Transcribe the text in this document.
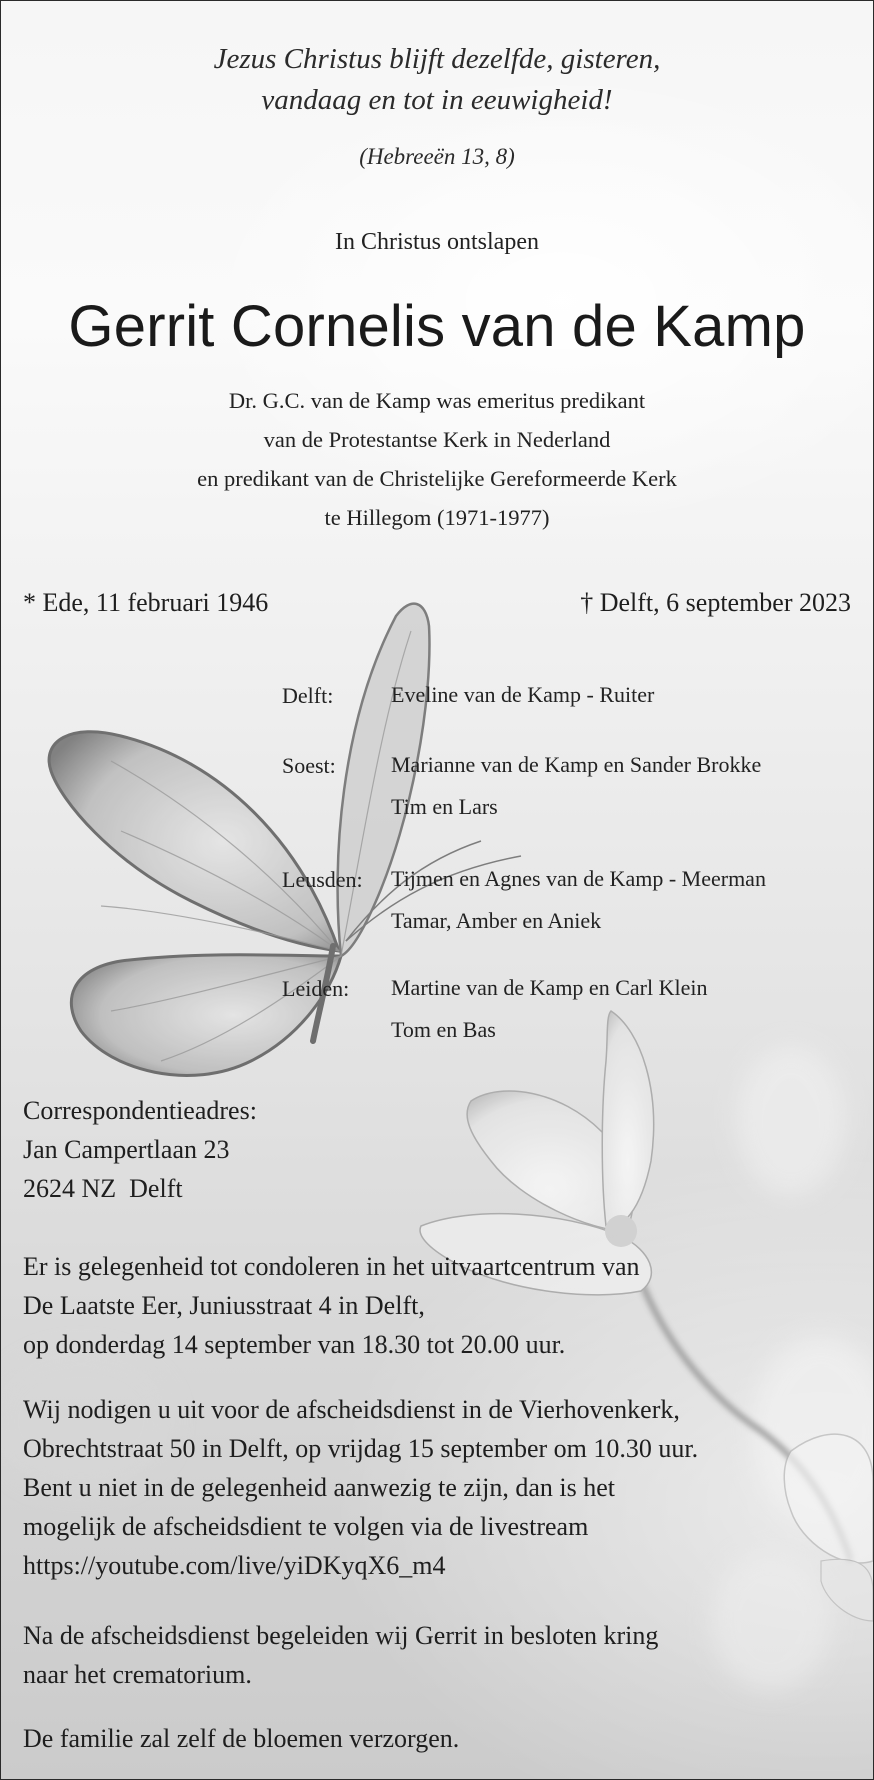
Jezus Christus blijft dezelfde, gisteren,
vandaag en tot in eeuwigheid!
(Hebreeën 13, 8)
In Christus ontslapen
Gerrit Cornelis van de Kamp
Dr. G.C. van de Kamp was emeritus predikant
van de Protestantse Kerk in Nederland
en predikant van de Christelijke Gereformeerde Kerk
te Hillegom (1971-1977)
* Ede, 11 februari 1946	† Delft, 6 september 2023
Delft:	Eveline van de Kamp - Ruiter
Soest:	Marianne van de Kamp en Sander Brokke
Tim en Lars
Leusden: Tijmen en Agnes van de Kamp - Meerman
Tamar, Amber en Aniek
Leiden: Martine van de Kamp en Carl Klein
Tom en Bas
Correspondentieadres:
Jan Campertlaan 23
2624 NZ  Delft
Er is gelegenheid tot condoleren in het uitvaartcentrum van
De Laatste Eer, Juniusstraat 4 in Delft,
op donderdag 14 september van 18.30 tot 20.00 uur.
Wij nodigen u uit voor de afscheidsdienst in de Vierhovenkerk,
Obrechtstraat 50 in Delft, op vrijdag 15 september om 10.30 uur.
Bent u niet in de gelegenheid aanwezig te zijn, dan is het
mogelijk de afscheidsdient te volgen via de livestream
https://youtube.com/live/yiDKyqX6_m4
Na de afscheidsdienst begeleiden wij Gerrit in besloten kring
naar het crematorium.
De familie zal zelf de bloemen verzorgen.
